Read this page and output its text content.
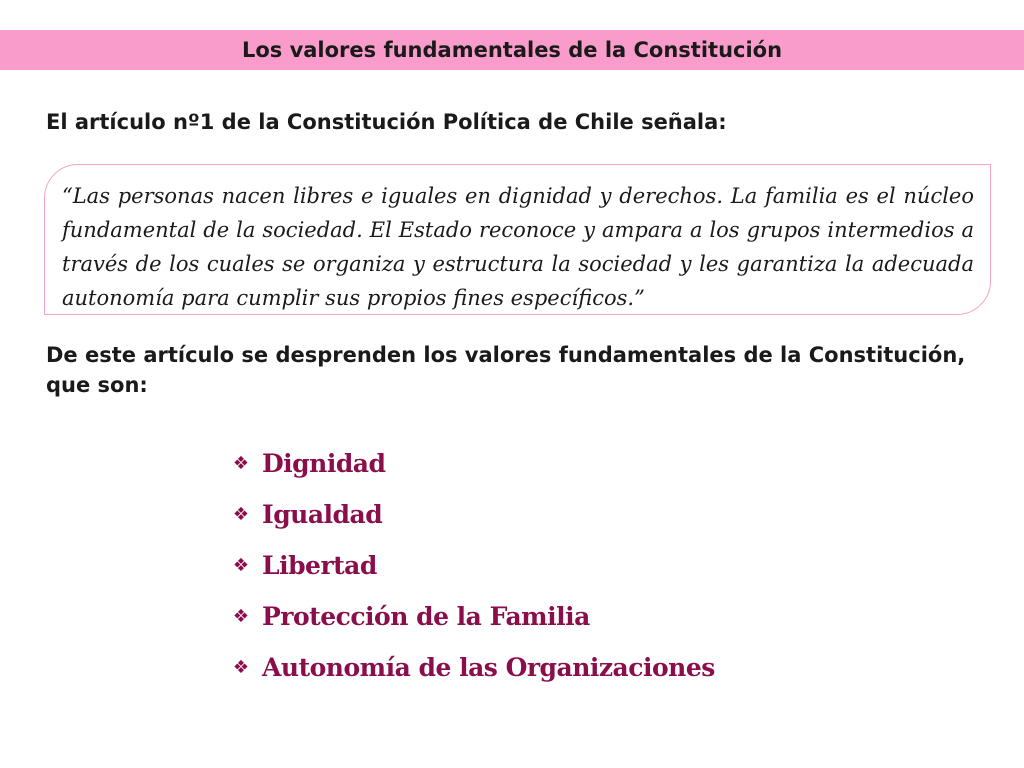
Los valores fundamentales de la Constitución
El artículo nº1 de la Constitución Política de Chile señala:

“Las personas nacen libres e iguales en dignidad y derechos. La familia es el núcleo fundamental de la sociedad. El Estado reconoce y ampara a los grupos intermedios a través de los cuales se organiza y estructura la sociedad y les garantiza la adecuada autonomía para cumplir sus propios fines específicos.”

De este artículo se desprenden los valores fundamentales de la Constitución, que son:

❖ Dignidad
❖ Igualdad
❖ Libertad
❖ Protección de la Familia
❖ Autonomía de las Organizaciones
